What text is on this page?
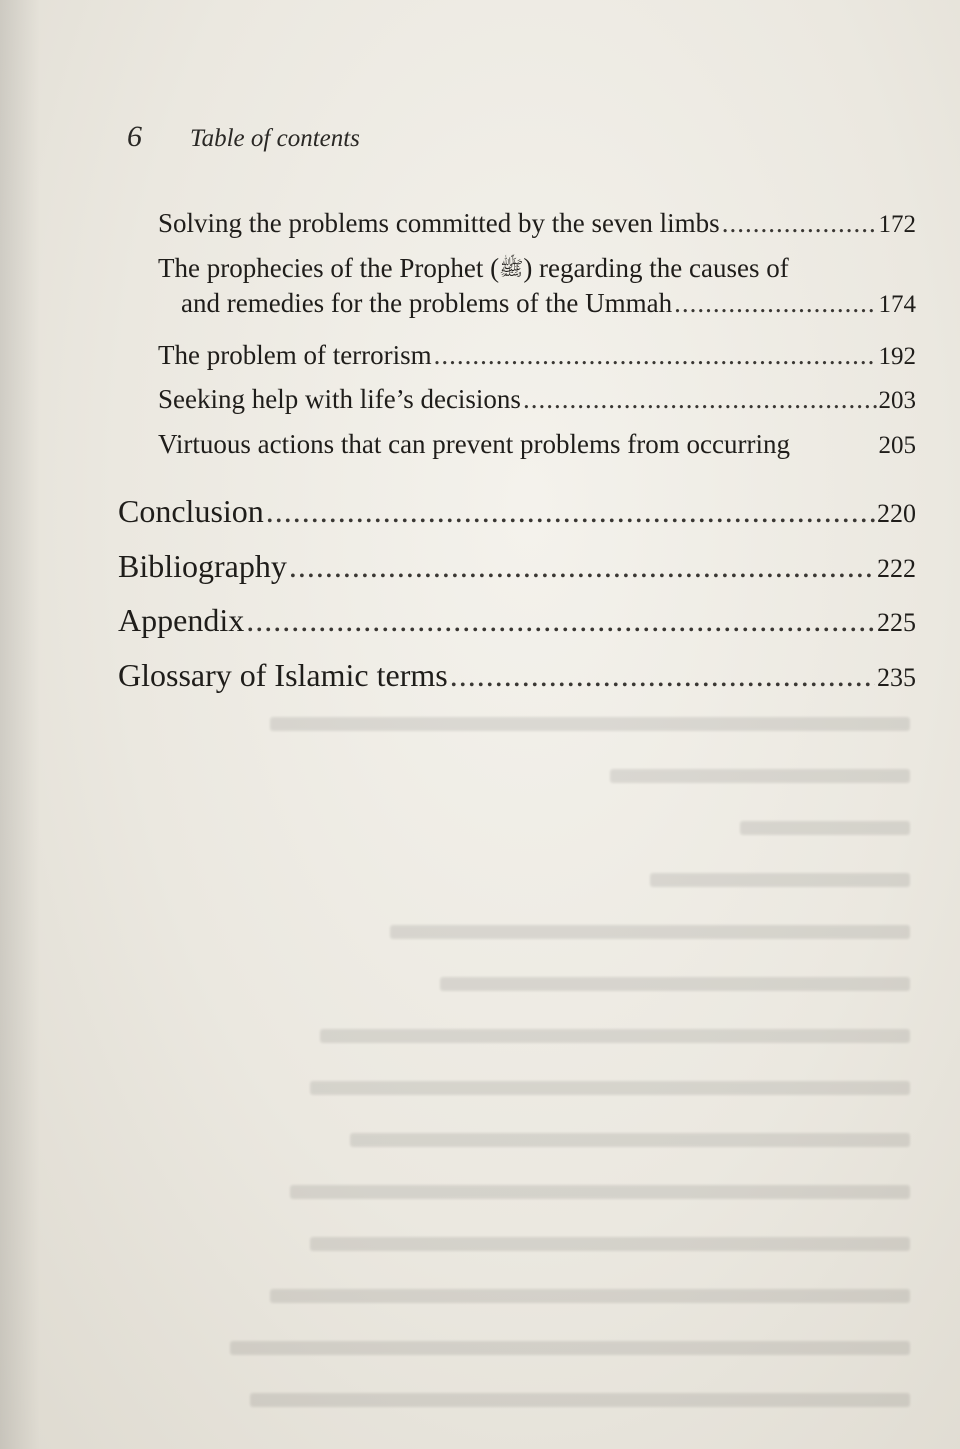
6 Table of contents
Solving the problems committed by the seven limbs .....	172
The prophecies of the Prophet (ﷺ) regarding the causes of
and remedies for the problems of the Ummah .....	174
The problem of terrorism .....	192
Seeking help with life’s decisions .....	203
Virtuous actions that can prevent problems from occurring	205
Conclusion .....	220
Bibliography .....	222
Appendix .....	225
Glossary of Islamic terms .....	235
